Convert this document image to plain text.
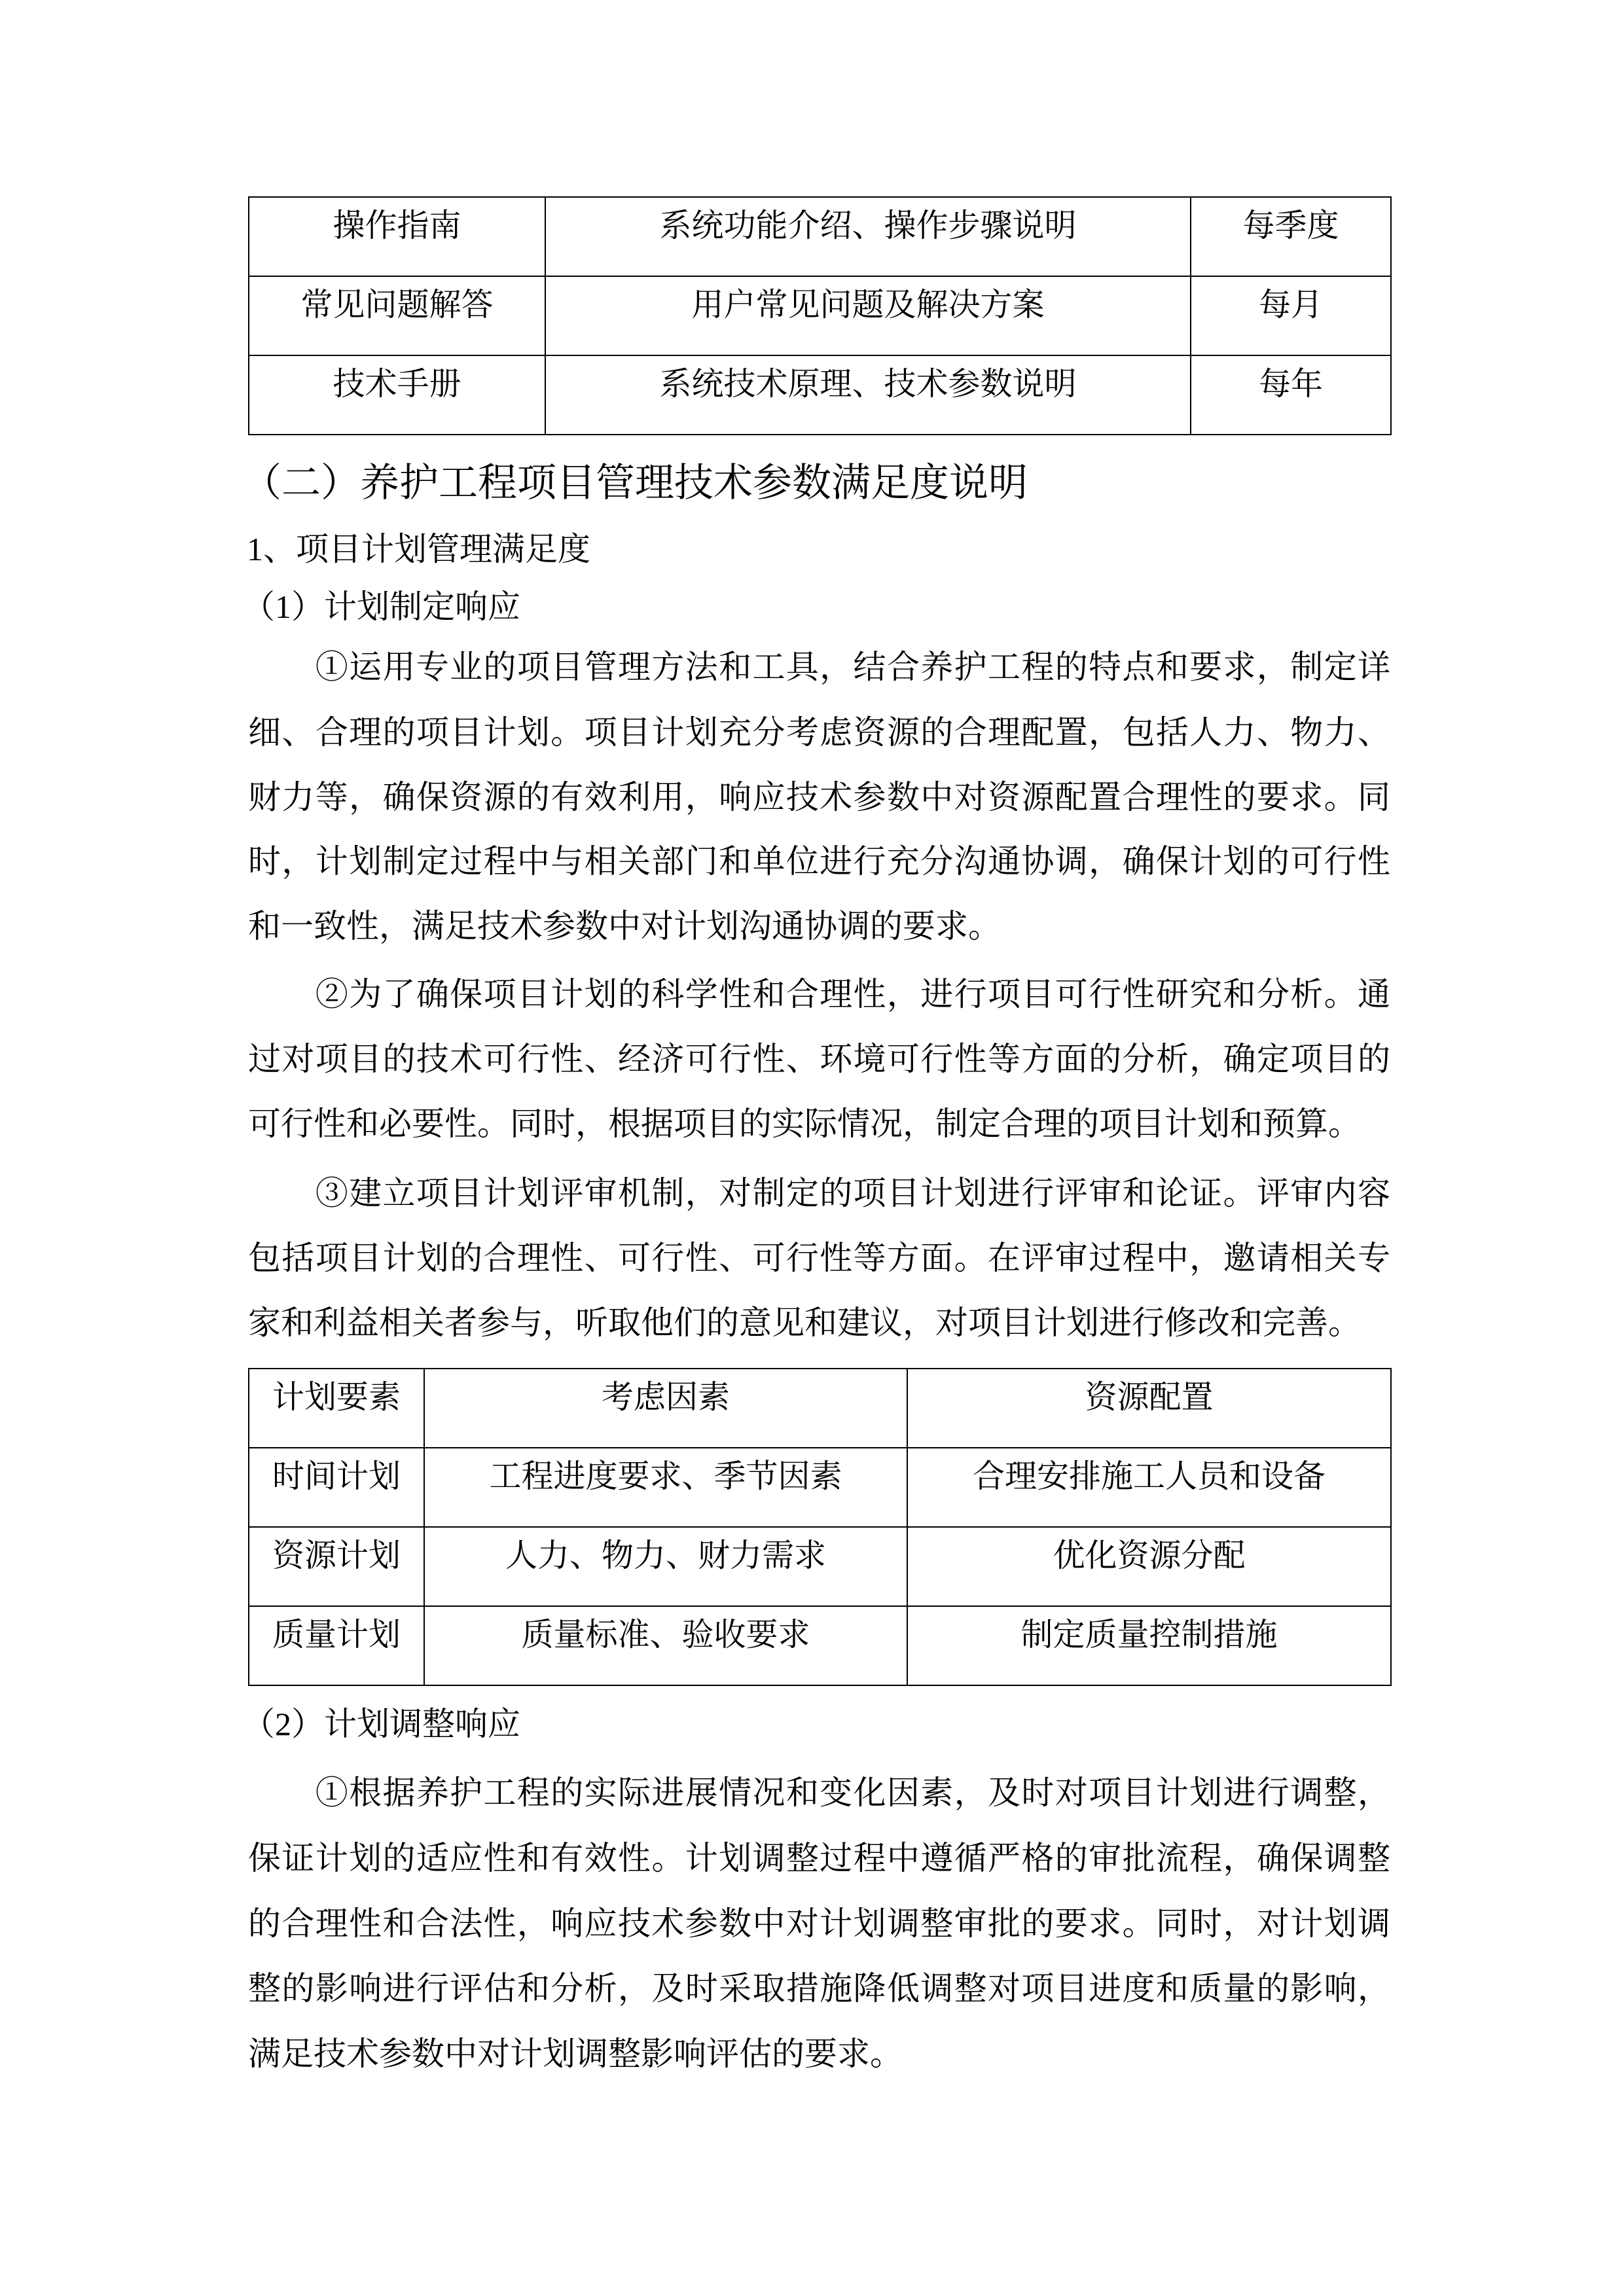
操作指南	系统功能介绍、操作步骤说明	每季度
常见问题解答	用户常见问题及解决方案	每月
技术手册	系统技术原理、技术参数说明	每年
（二）养护工程项目管理技术参数满足度说明
1、项目计划管理满足度
（1）计划制定响应
　　①运用专业的项目管理方法和工具，结合养护工程的特点和要求，制定详
细、合理的项目计划。项目计划充分考虑资源的合理配置，包括人力、物力、
财力等，确保资源的有效利用，响应技术参数中对资源配置合理性的要求。同
时，计划制定过程中与相关部门和单位进行充分沟通协调，确保计划的可行性
和一致性，满足技术参数中对计划沟通协调的要求。
　　②为了确保项目计划的科学性和合理性，进行项目可行性研究和分析。通
过对项目的技术可行性、经济可行性、环境可行性等方面的分析，确定项目的
可行性和必要性。同时，根据项目的实际情况，制定合理的项目计划和预算。
　　③建立项目计划评审机制，对制定的项目计划进行评审和论证。评审内容
包括项目计划的合理性、可行性、可行性等方面。在评审过程中，邀请相关专
家和利益相关者参与，听取他们的意见和建议，对项目计划进行修改和完善。
计划要素	考虑因素	资源配置
时间计划	工程进度要求、季节因素	合理安排施工人员和设备
资源计划	人力、物力、财力需求	优化资源分配
质量计划	质量标准、验收要求	制定质量控制措施
（2）计划调整响应
　　①根据养护工程的实际进展情况和变化因素，及时对项目计划进行调整，
保证计划的适应性和有效性。计划调整过程中遵循严格的审批流程，确保调整
的合理性和合法性，响应技术参数中对计划调整审批的要求。同时，对计划调
整的影响进行评估和分析，及时采取措施降低调整对项目进度和质量的影响，
满足技术参数中对计划调整影响评估的要求。
